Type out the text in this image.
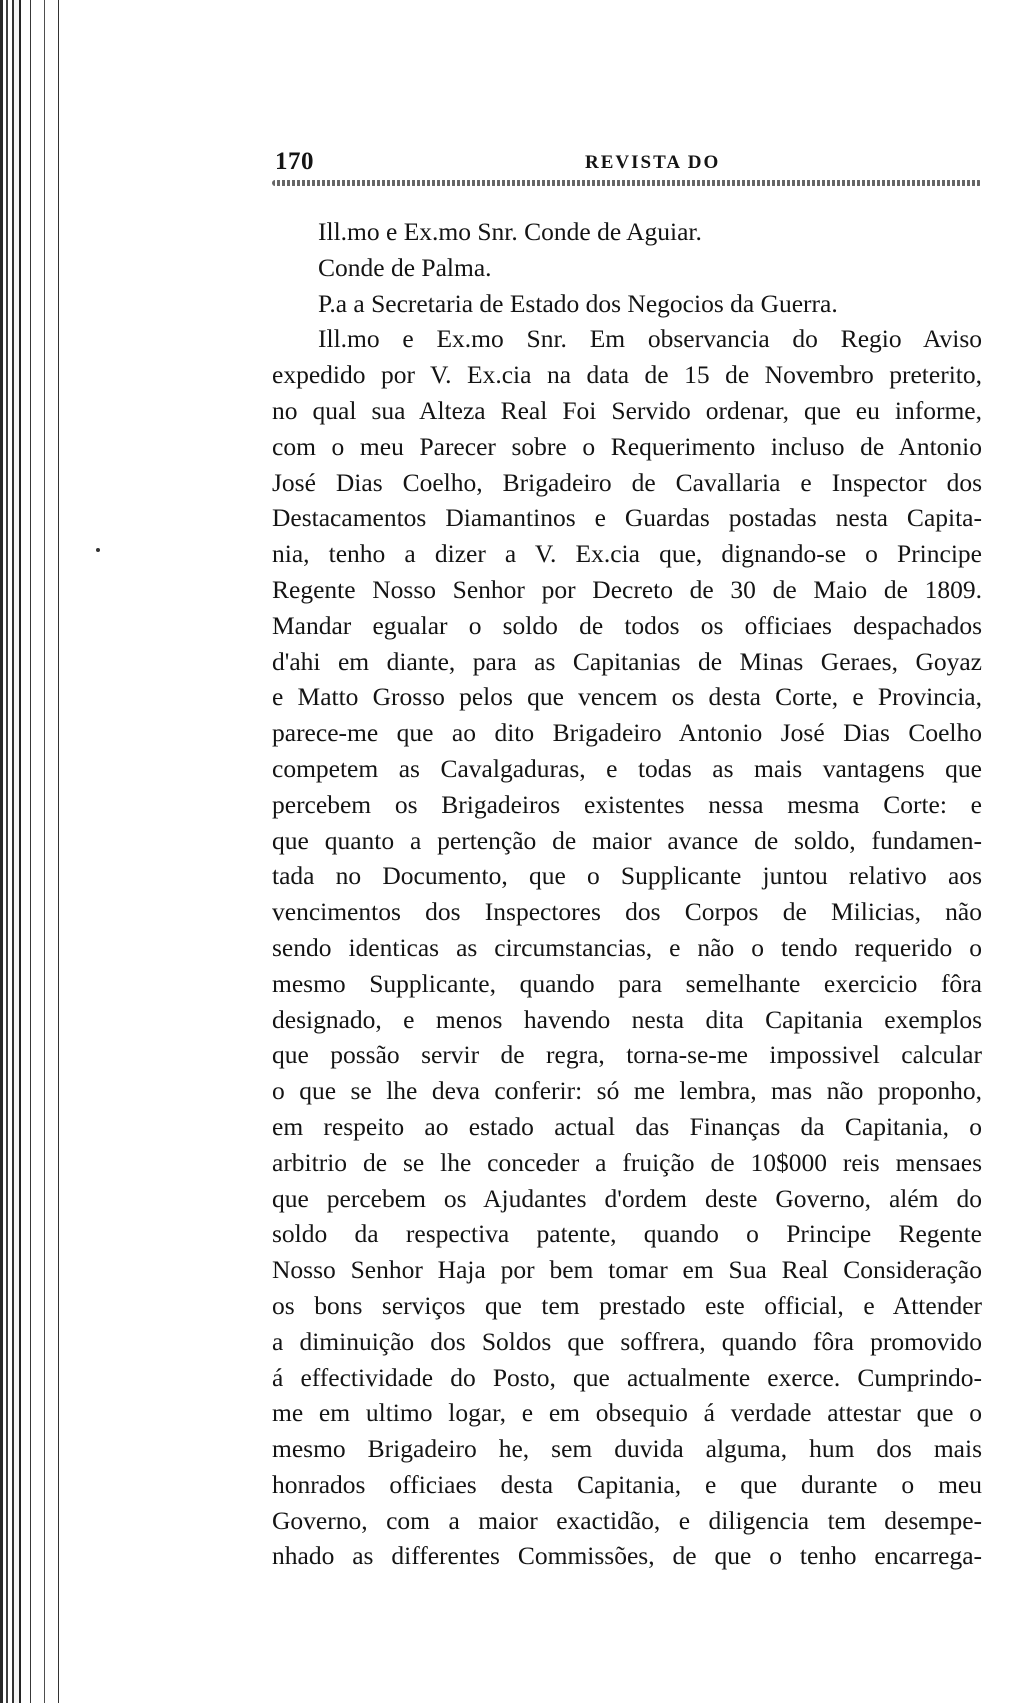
170	REVISTA DO
Ill.mo e Ex.mo Snr. Conde de Aguiar.
Conde de Palma.
P.a a Secretaria de Estado dos Negocios da Guerra.
Ill.mo e Ex.mo Snr. Em observancia do Regio Aviso
expedido por V. Ex.cia na data de 15 de Novembro preterito,
no qual sua Alteza Real Foi Servido ordenar, que eu informe,
com o meu Parecer sobre o Requerimento incluso de Antonio
José Dias Coelho, Brigadeiro de Cavallaria e Inspector dos
Destacamentos Diamantinos e Guardas postadas nesta Capita-
nia, tenho a dizer a V. Ex.cia que, dignando-se o Principe
Regente Nosso Senhor por Decreto de 30 de Maio de 1809.
Mandar egualar o soldo de todos os officiaes despachados
d'ahi em diante, para as Capitanias de Minas Geraes, Goyaz
e Matto Grosso pelos que vencem os desta Corte, e Provincia,
parece-me que ao dito Brigadeiro Antonio José Dias Coelho
competem as Cavalgaduras, e todas as mais vantagens que
percebem os Brigadeiros existentes nessa mesma Corte: e
que quanto a pertenção de maior avance de soldo, fundamen-
tada no Documento, que o Supplicante juntou relativo aos
vencimentos dos Inspectores dos Corpos de Milicias, não
sendo identicas as circumstancias, e não o tendo requerido o
mesmo Supplicante, quando para semelhante exercicio fôra
designado, e menos havendo nesta dita Capitania exemplos
que possão servir de regra, torna-se-me impossivel calcular
o que se lhe deva conferir: só me lembra, mas não proponho,
em respeito ao estado actual das Finanças da Capitania, o
arbitrio de se lhe conceder a fruição de 10$000 reis mensaes
que percebem os Ajudantes d'ordem deste Governo, além do
soldo da respectiva patente, quando o Principe Regente
Nosso Senhor Haja por bem tomar em Sua Real Consideração
os bons serviços que tem prestado este official, e Attender
a diminuição dos Soldos que soffrera, quando fôra promovido
á effectividade do Posto, que actualmente exerce. Cumprindo-
me em ultimo logar, e em obsequio á verdade attestar que o
mesmo Brigadeiro he, sem duvida alguma, hum dos mais
honrados officiaes desta Capitania, e que durante o meu
Governo, com a maior exactidão, e diligencia tem desempe-
nhado as differentes Commissões, de que o tenho encarrega-
